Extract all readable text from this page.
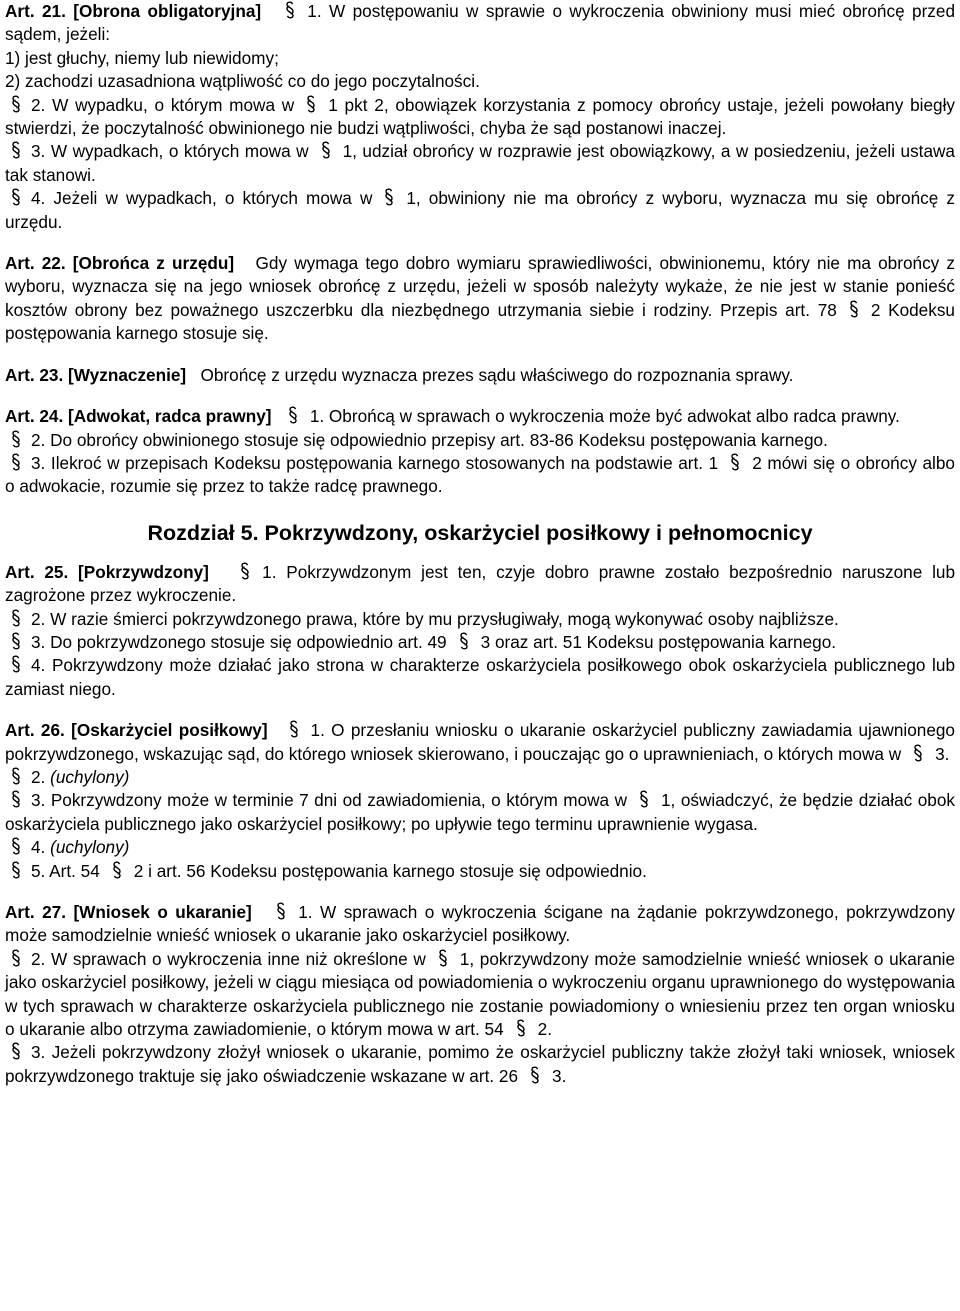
Art. 21. [Obrona obligatoryjna]	1. W postępowaniu w sprawie o wykroczenia obwiniony musi mieć obrońcę przed sądem, jeżeli:
1) jest głuchy, niemy lub niewidomy;
2) zachodzi uzasadniona wątpliwość co do jego poczytalności.
2. W wypadku, o którym mowa w 1 pkt 2, obowiązek korzystania z pomocy obrońcy ustaje, jeżeli powołany biegły stwierdzi, że poczytalność obwinionego nie budzi wątpliwości, chyba że sąd postanowi inaczej.
3. W wypadkach, o których mowa w 1, udział obrońcy w rozprawie jest obowiązkowy, a w posiedzeniu, jeżeli ustawa tak stanowi.
4. Jeżeli w wypadkach, o których mowa w 1, obwiniony nie ma obrońcy z wyboru, wyznacza mu się obrońcę z urzędu.
Art. 22. [Obrońca z urzędu] Gdy wymaga tego dobro wymiaru sprawiedliwości, obwinionemu, który nie ma obrońcy z wyboru, wyznacza się na jego wniosek obrońcę z urzędu, jeżeli w sposób należyty wykaże, że nie jest w stanie ponieść kosztów obrony bez poważnego uszczerbku dla niezbędnego utrzymania siebie i rodziny. Przepis art. 78 2 Kodeksu postępowania karnego stosuje się.
Art. 23. [Wyznaczenie] Obrońcę z urzędu wyznacza prezes sądu właściwego do rozpoznania sprawy.
Art. 24. [Adwokat, radca prawny] 1. Obrońcą w sprawach o wykroczenia może być adwokat albo radca prawny.
2. Do obrońcy obwinionego stosuje się odpowiednio przepisy art. 83-86 Kodeksu postępowania karnego.
3. Ilekroć w przepisach Kodeksu postępowania karnego stosowanych na podstawie art. 1 2 mówi się o obrońcy albo o adwokacie, rozumie się przez to także radcę prawnego.
Rozdział 5. Pokrzywdzony, oskarżyciel posiłkowy i pełnomocnicy
Art. 25. [Pokrzywdzony]	1. Pokrzywdzonym jest ten, czyje dobro prawne zostało bezpośrednio naruszone lub zagrożone przez wykroczenie.
2. W razie śmierci pokrzywdzonego prawa, które by mu przysługiwały, mogą wykonywać osoby najbliższe.
3. Do pokrzywdzonego stosuje się odpowiednio art. 49 3 oraz art. 51 Kodeksu postępowania karnego.
4. Pokrzywdzony może działać jako strona w charakterze oskarżyciela posiłkowego obok oskarżyciela publicznego lub zamiast niego.
Art. 26. [Oskarżyciel posiłkowy] 1. O przesłaniu wniosku o ukaranie oskarżyciel publiczny zawiadamia ujawnionego pokrzywdzonego, wskazując sąd, do którego wniosek skierowano, i pouczając go o uprawnieniach, o których mowa w 3.
2. (uchylony)
3. Pokrzywdzony może w terminie 7 dni od zawiadomienia, o którym mowa w 1, oświadczyć, że będzie działać obok oskarżyciela publicznego jako oskarżyciel posiłkowy; po upływie tego terminu uprawnienie wygasa.
4. (uchylony)
5. Art. 54 2 i art. 56 Kodeksu postępowania karnego stosuje się odpowiednio.
Art. 27. [Wniosek o ukaranie]	1. W sprawach o wykroczenia ścigane na żądanie pokrzywdzonego, pokrzywdzony może samodzielnie wnieść wniosek o ukaranie jako oskarżyciel posiłkowy.
2. W sprawach o wykroczenia inne niż określone w 1, pokrzywdzony może samodzielnie wnieść wniosek o ukaranie jako oskarżyciel posiłkowy, jeżeli w ciągu miesiąca od powiadomienia o wykroczeniu organu uprawnionego do występowania w tych sprawach w charakterze oskarżyciela publicznego nie zostanie powiadomiony o wniesieniu przez ten organ wniosku o ukaranie albo otrzyma zawiadomienie, o którym mowa w art. 54 2.
3. Jeżeli pokrzywdzony złożył wniosek o ukaranie, pomimo że oskarżyciel publiczny także złożył taki wniosek, wniosek pokrzywdzonego traktuje się jako oświadczenie wskazane w art. 26 3.
